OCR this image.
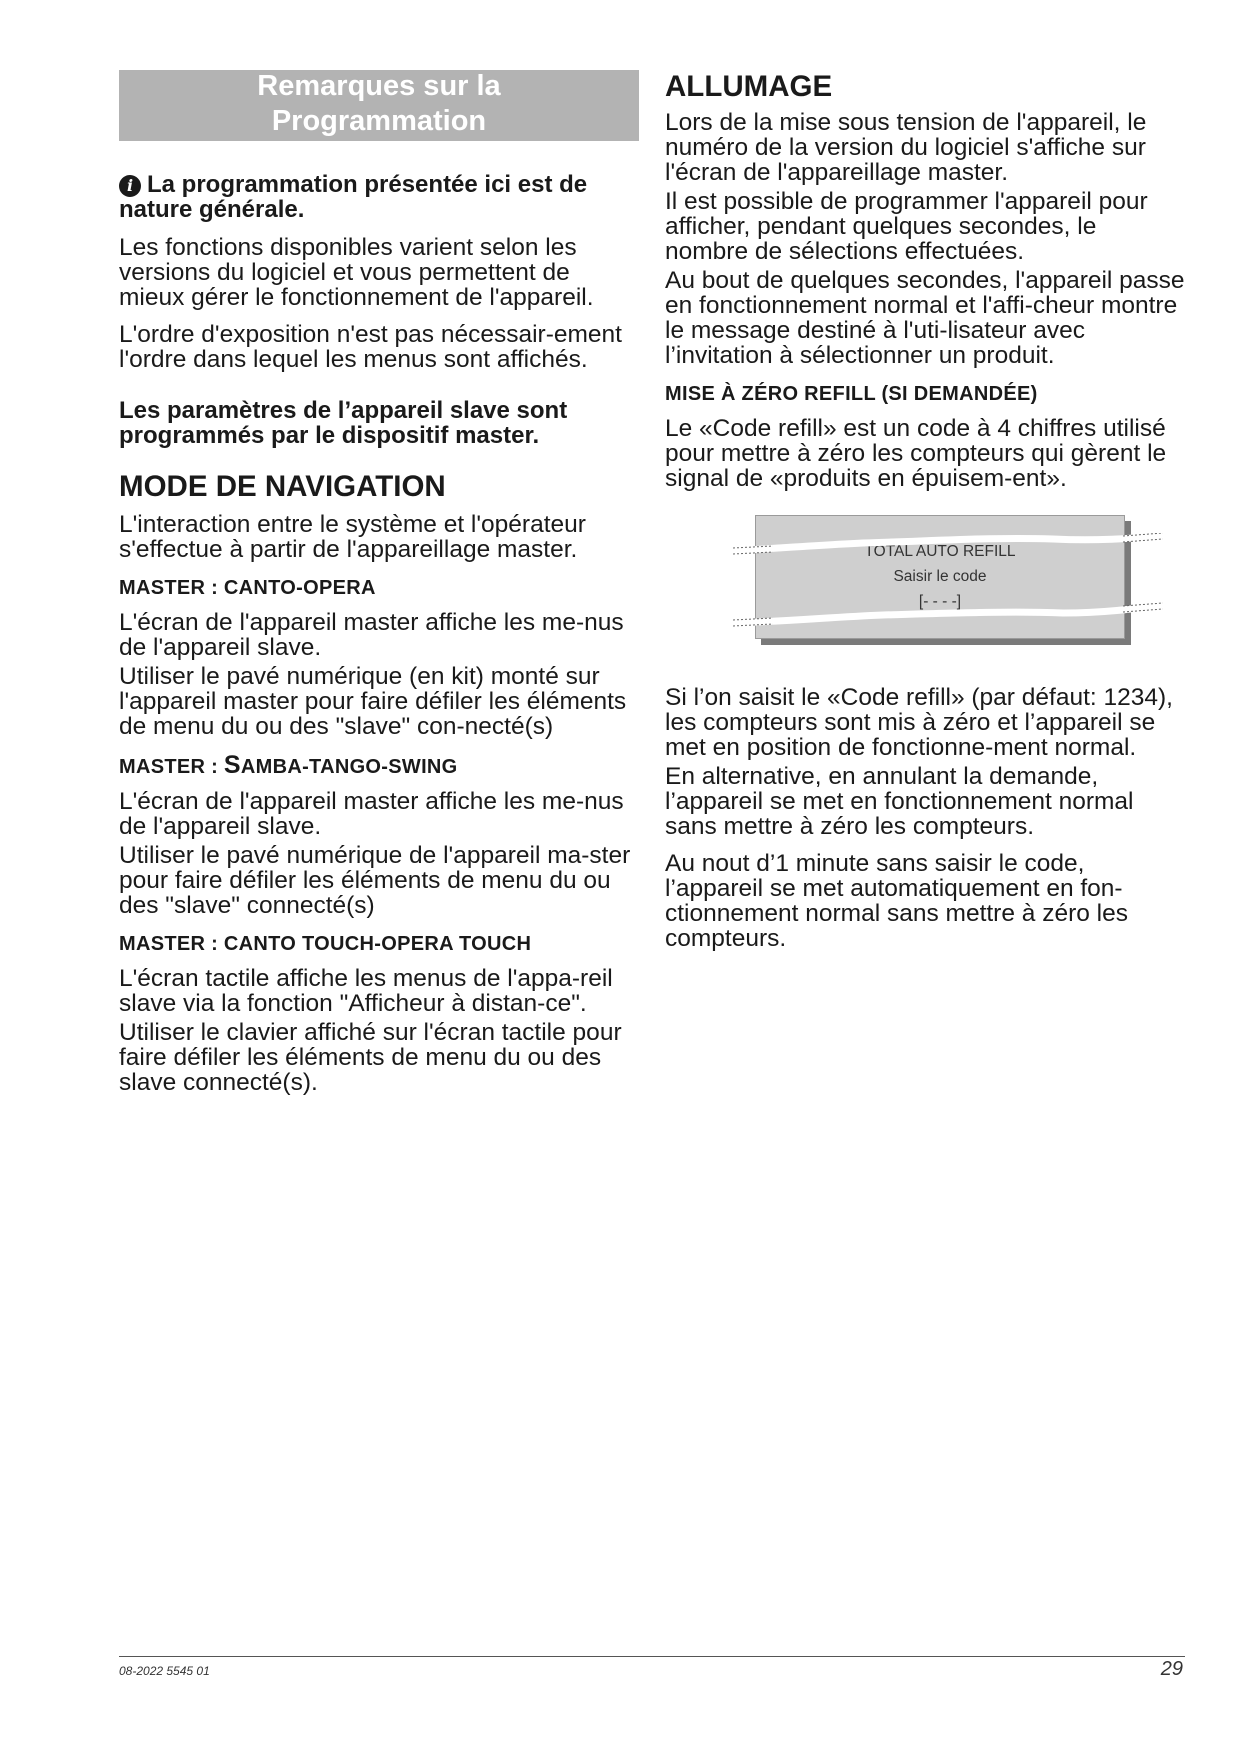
Remarques sur la
Programmation
i La programmation présentée ici est de nature générale.

Les fonctions disponibles varient selon les versions du logiciel et vous permettent de mieux gérer le fonctionnement de l'appareil.

L'ordre d'exposition n'est pas nécessair-ement l'ordre dans lequel les menus sont affichés.

Les paramètres de l’appareil slave sont programmés par le dispositif master.

MODE DE NAVIGATION

L'interaction entre le système et l'opérateur s'effectue à partir de l'appareillage master.

MASTER : CANTO-OPERA

L'écran de l'appareil master affiche les me-nus de l'appareil slave.

Utiliser le pavé numérique (en kit) monté sur l'appareil master pour faire défiler les éléments de menu du ou des "slave" con-necté(s)

MASTER : SAMBA-TANGO-SWING

L'écran de l'appareil master affiche les me-nus de l'appareil slave.

Utiliser le pavé numérique de l'appareil ma-ster pour faire défiler les éléments de menu du ou des "slave" connecté(s)

MASTER : CANTO TOUCH-OPERA TOUCH

L'écran tactile affiche les menus de l'appa-reil slave via la fonction "Afficheur à distan-ce".

Utiliser le clavier affiché sur l'écran tactile pour faire défiler les éléments de menu du ou des slave connecté(s).

ALLUMAGE

Lors de la mise sous tension de l'appareil, le numéro de la version du logiciel s'affiche sur l'écran de l'appareillage master.

Il est possible de programmer l'appareil pour afficher, pendant quelques secondes, le nombre de sélections effectuées.

Au bout de quelques secondes, l'appareil passe en fonctionnement normal et l'affi-cheur montre le message destiné à l'uti-lisateur avec l’invitation à sélectionner un produit.

MISE À ZÉRO REFILL (SI DEMANDÉE)

Le «Code refill» est un code à 4 chiffres utilisé pour mettre à zéro les compteurs qui gèrent le signal de «produits en épuisem-ent».

TOTAL AUTO REFILL
Saisir le code
[- - - -]

Si l’on saisit le «Code refill» (par défaut: 1234), les compteurs sont mis à zéro et l’appareil se met en position de fonctionne-ment normal.

En alternative, en annulant la demande, l’appareil se met en fonctionnement normal sans mettre à zéro les compteurs.

Au nout d’1 minute sans saisir le code, l’appareil se met automatiquement en fon-ctionnement normal sans mettre à zéro les compteurs.

08-2022 5545 01	29
